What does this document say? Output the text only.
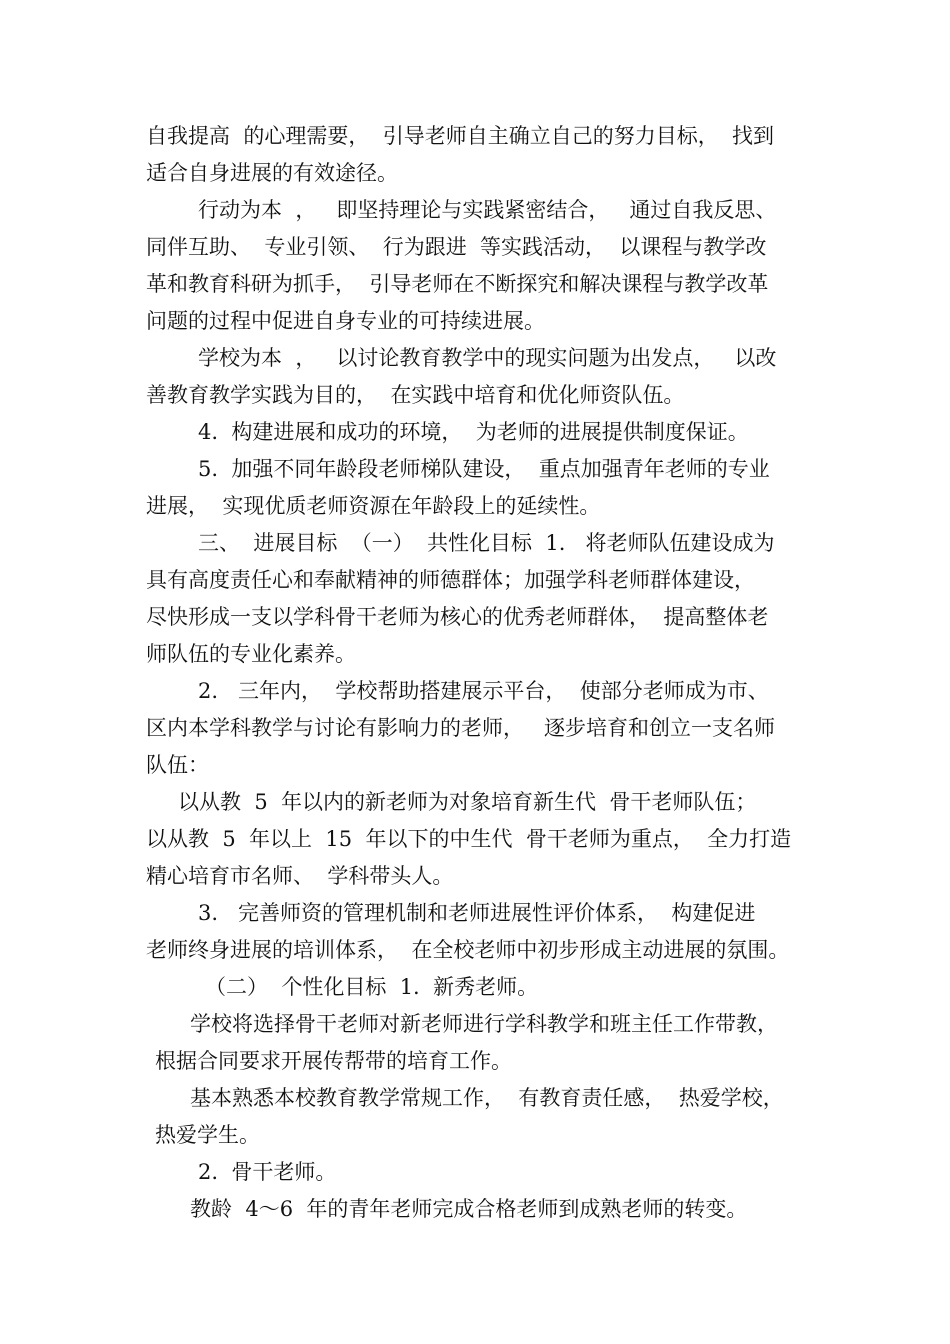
自我提高  的心理需要，  引导老师自主确立自己的努力目标，  找到
适合自身进展的有效途径。
行动为本  ，   即坚持理论与实践紧密结合，   通过自我反思、
同伴互助、  专业引领、  行为跟进  等实践活动，  以课程与教学改
革和教育科研为抓手，  引导老师在不断探究和解决课程与教学改革
问题的过程中促进自身专业的可持续进展。
学校为本  ，   以讨论教育教学中的现实问题为出发点，   以改
善教育教学实践为目的，  在实践中培育和优化师资队伍。
4.  构建进展和成功的环境，  为老师的进展提供制度保证。
5.  加强不同年龄段老师梯队建设，  重点加强青年老师的专业
进展，  实现优质老师资源在年龄段上的延续性。
三、  进展目标  （一）  共性化目标  1.   将老师队伍建设成为
具有高度责任心和奉献精神的师德群体；加强学科老师群体建设，
尽快形成一支以学科骨干老师为核心的优秀老师群体，  提高整体老
师队伍的专业化素养。
2.   三年内，  学校帮助搭建展示平台，  使部分老师成为市、
区内本学科教学与讨论有影响力的老师，   逐步培育和创立一支名师
队伍：
以从教  5  年以内的新老师为对象培育新生代  骨干老师队伍；
以从教  5  年以上  15  年以下的中生代  骨干老师为重点，  全力打造
精心培育市名师、  学科带头人。
3.   完善师资的管理机制和老师进展性评价体系，  构建促进
老师终身进展的培训体系，  在全校老师中初步形成主动进展的氛围。
（二）  个性化目标  1.  新秀老师。
学校将选择骨干老师对新老师进行学科教学和班主任工作带教，
根据合同要求开展传帮带的培育工作。
基本熟悉本校教育教学常规工作，  有教育责任感，  热爱学校，
热爱学生。
2.  骨干老师。
教龄  4～6  年的青年老师完成合格老师到成熟老师的转变。
